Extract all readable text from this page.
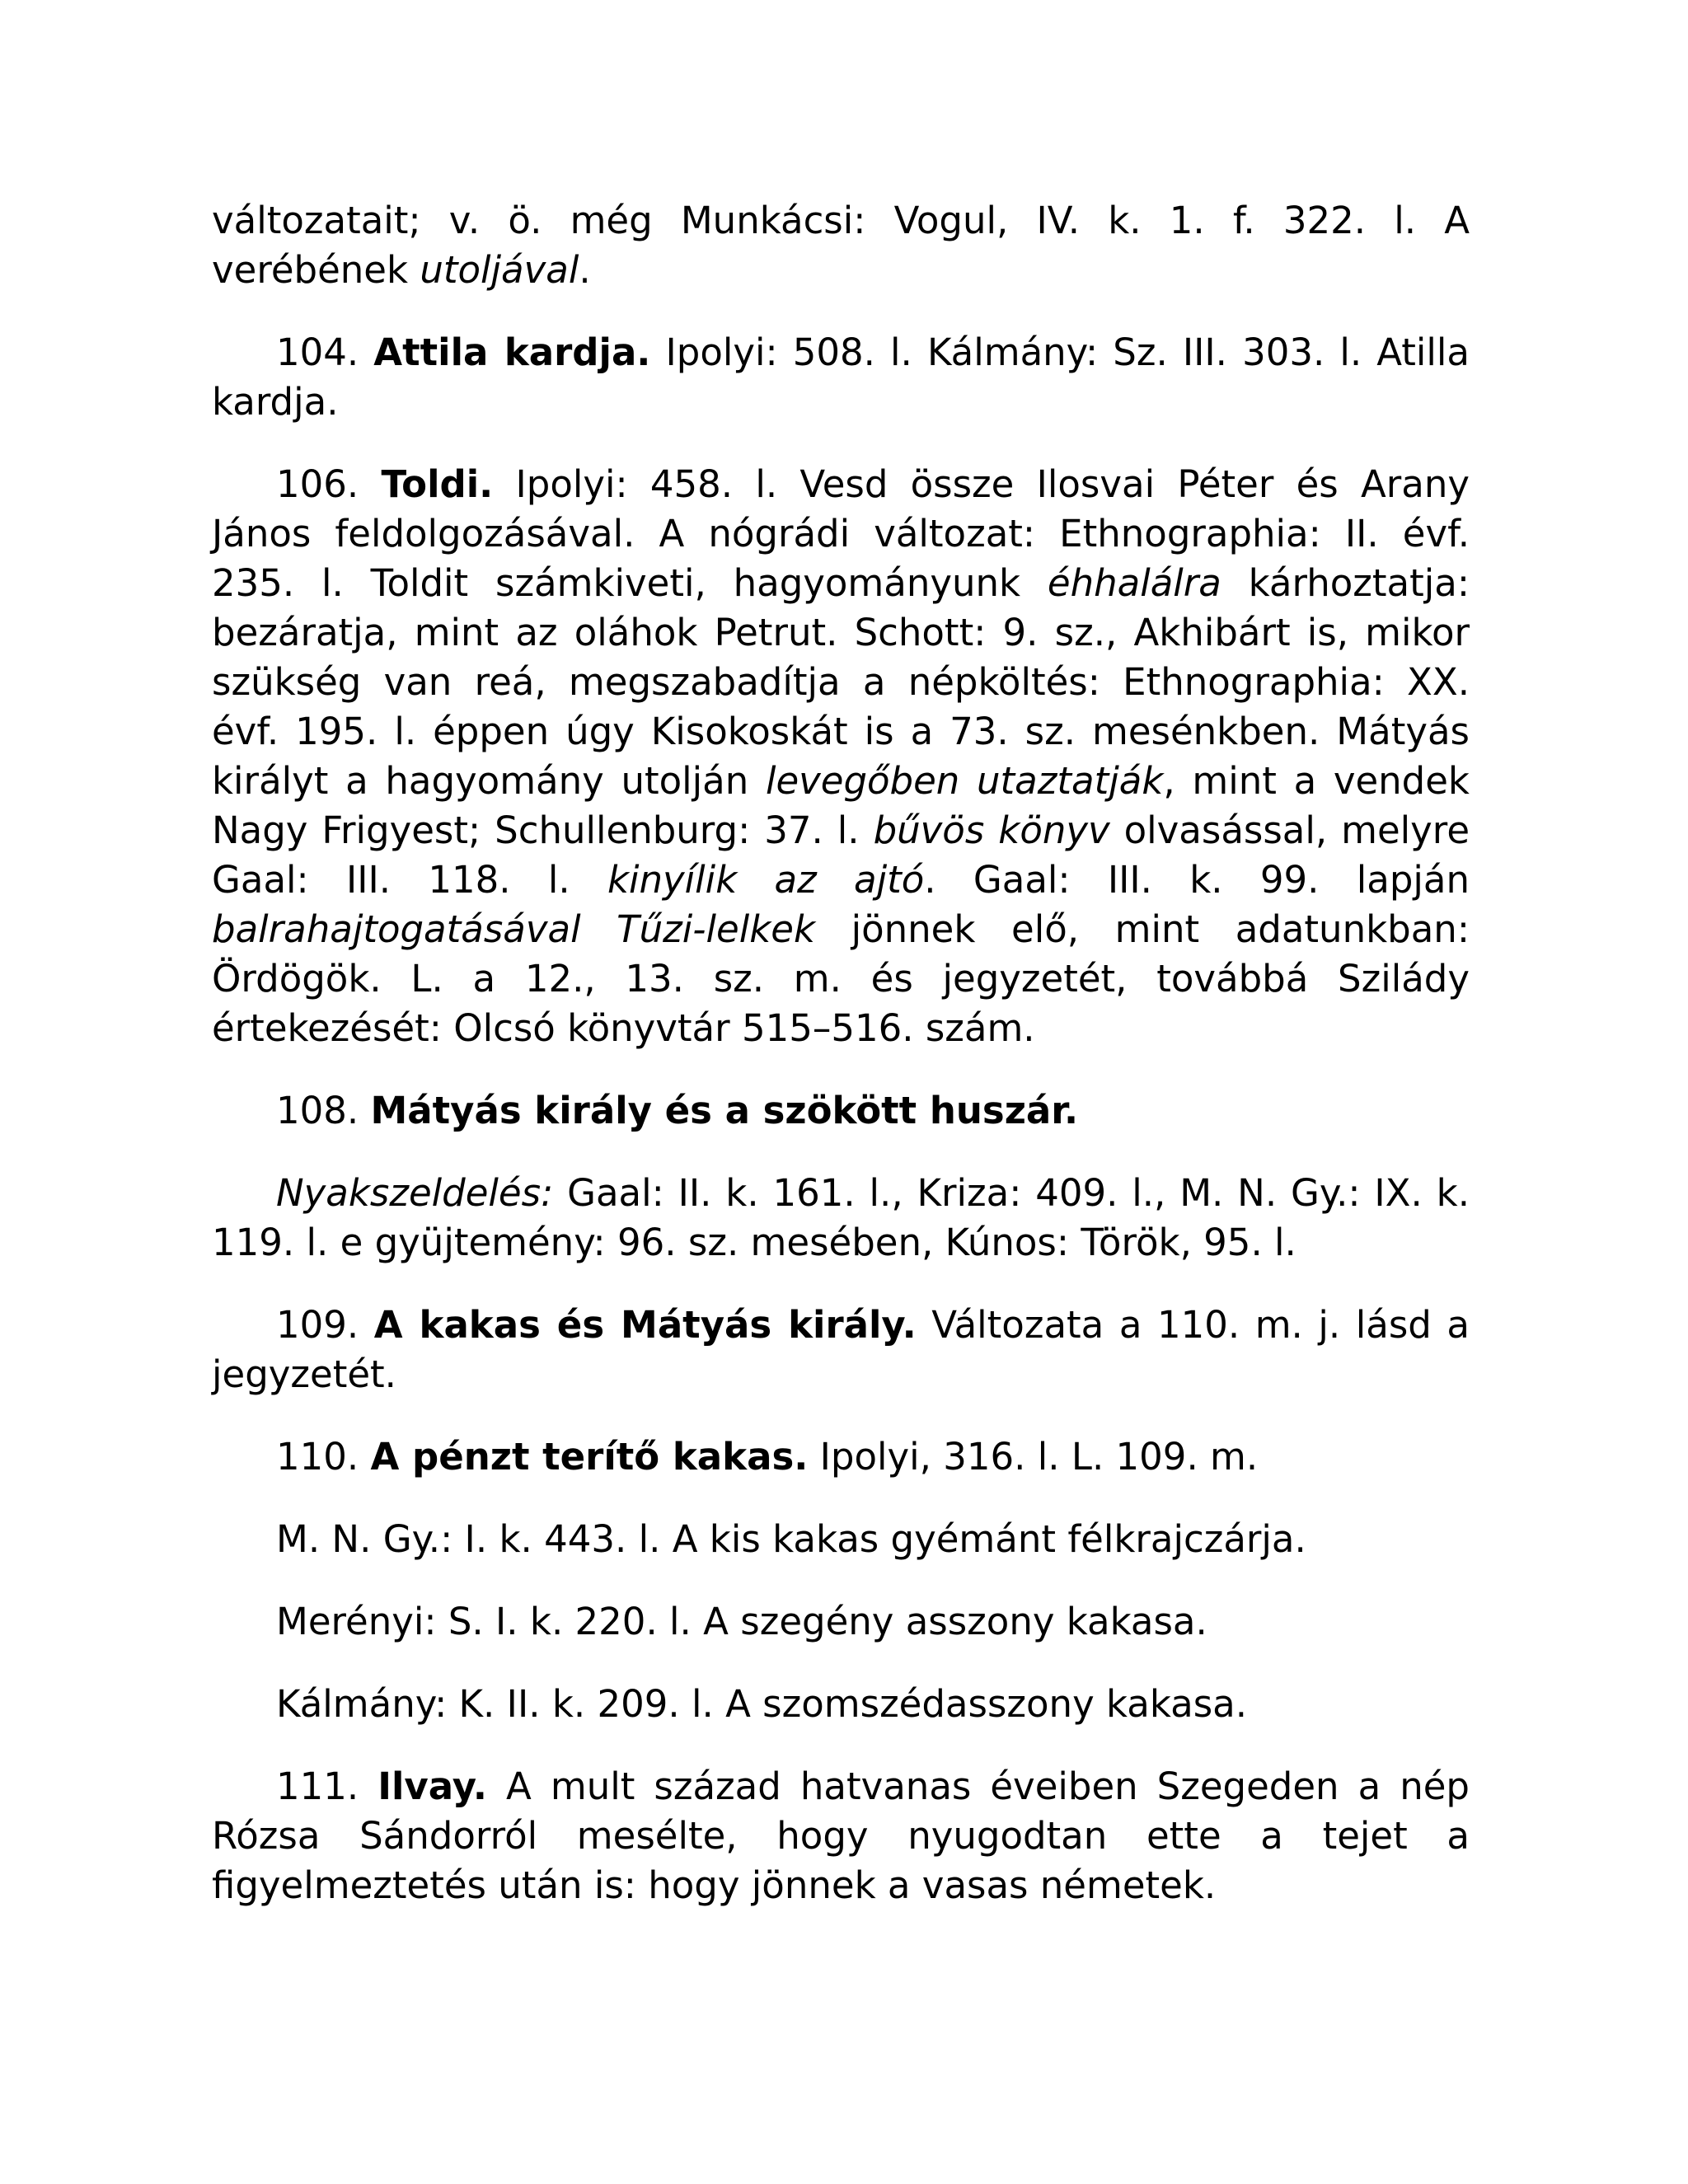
változatait; v. ö. még Munkácsi: Vogul, IV. k. 1. f. 322. l. A verébének utoljával.

104. Attila kardja. Ipolyi: 508. l. Kálmány: Sz. III. 303. l. Atilla kardja.

106. Toldi. Ipolyi: 458. l. Vesd össze Ilosvai Péter és Arany János feldolgozásával. A nógrádi változat: Ethnographia: II. évf. 235. l. Toldit számkiveti, hagyományunk éhhalálra kárhoztatja: bezáratja, mint az oláhok Petrut. Schott: 9. sz., Akhibárt is, mikor szükség van reá, megszabadítja a népköltés: Ethnographia: XX. évf. 195. l. éppen úgy Kisokoskát is a 73. sz. mesénkben. Mátyás királyt a hagyomány utolján levegőben utaztatják, mint a vendek Nagy Frigyest; Schullenburg: 37. l. bűvös könyv olvasással, melyre Gaal: III. 118. l. kinyílik az ajtó. Gaal: III. k. 99. lapján balrahajtogatásával Tűzi-lelkek jönnek elő, mint adatunkban: Ördögök. L. a 12., 13. sz. m. és jegyzetét, továbbá Szilády értekezését: Olcsó könyvtár 515–516. szám.

108. Mátyás király és a szökött huszár.

Nyakszeldelés: Gaal: II. k. 161. l., Kriza: 409. l., M. N. Gy.: IX. k. 119. l. e gyüjtemény: 96. sz. mesében, Kúnos: Török, 95. l.

109. A kakas és Mátyás király. Változata a 110. m. j. lásd a jegyzetét.

110. A pénzt terítő kakas. Ipolyi, 316. l. L. 109. m.

M. N. Gy.: I. k. 443. l. A kis kakas gyémánt félkrajczárja.

Merényi: S. I. k. 220. l. A szegény asszony kakasa.

Kálmány: K. II. k. 209. l. A szomszédasszony kakasa.

111. Ilvay. A mult század hatvanas éveiben Szegeden a nép Rózsa Sándorról mesélte, hogy nyugodtan ette a tejet a figyelmeztetés után is: hogy jönnek a vasas németek.
